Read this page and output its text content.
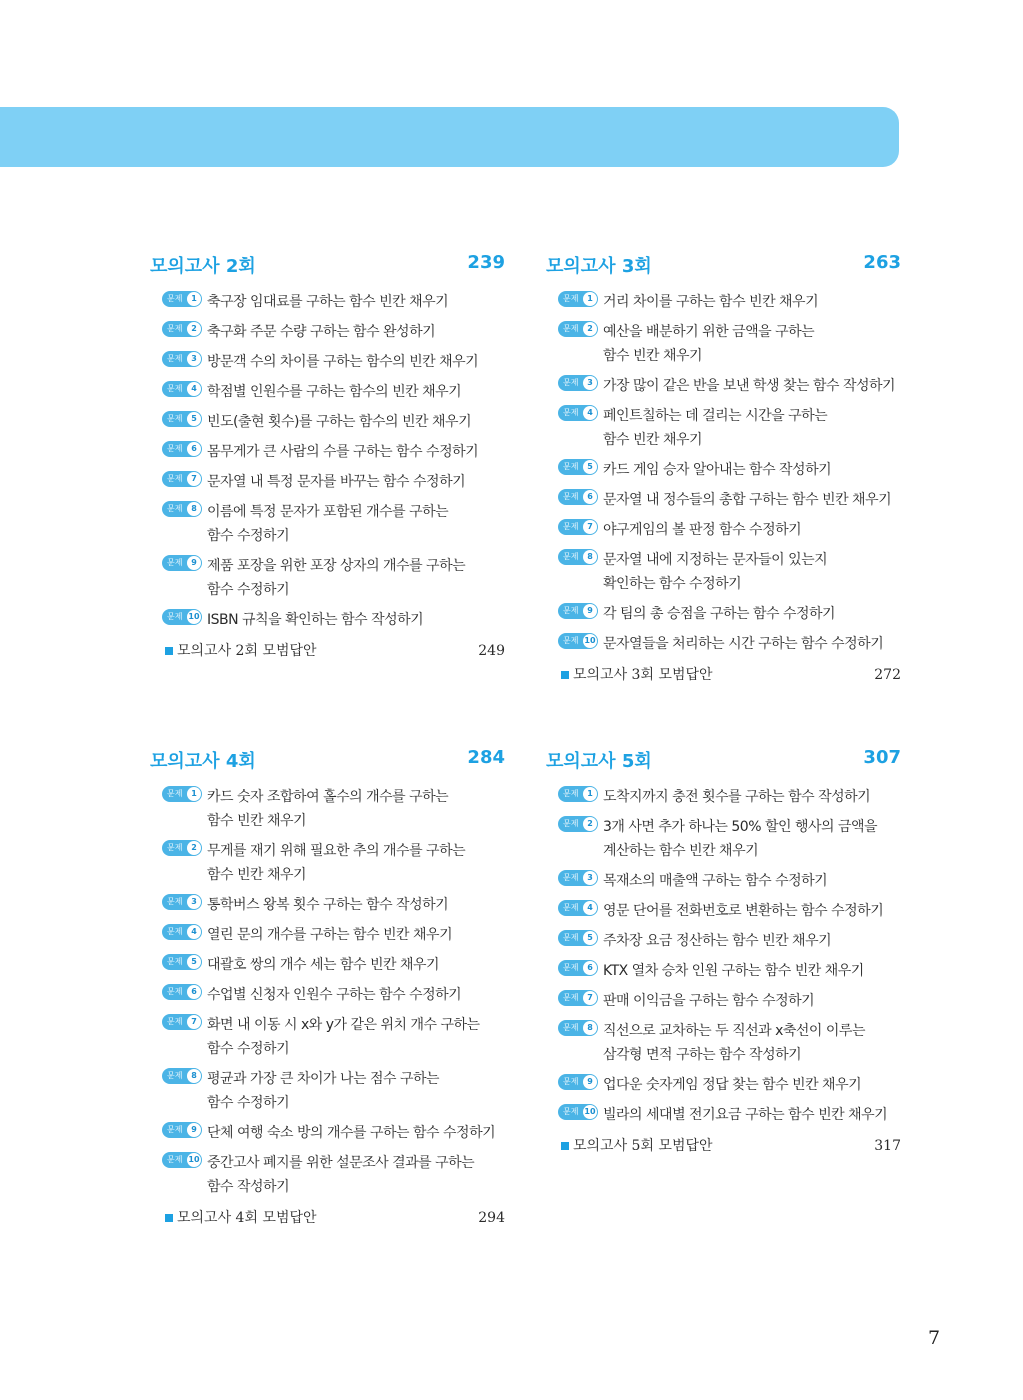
모의고사 2회	239
문제	1 축구장 임대료를 구하는 함수 빈칸 채우기
문제	2 축구화 주문 수량 구하는 함수 완성하기
문제	3 방문객 수의 차이를 구하는 함수의 빈칸 채우기
문제	4 학점별 인원수를 구하는 함수의 빈칸 채우기
문제	5 빈도(출현 횟수)를 구하는 함수의 빈칸 채우기
문제	6 몸무게가 큰 사람의 수를 구하는 함수 수정하기
문제	7 문자열 내 특정 문자를 바꾸는 함수 수정하기
문제	8 이름에 특정 문자가 포함된 개수를 구하는
함수 수정하기
문제	9 제품 포장을 위한 포장 상자의 개수를 구하는
함수 수정하기
문제 10 ISBN 규칙을 확인하는 함수 작성하기
모의고사 2회 모범답안	249
모의고사 3회	263
문제	1 거리 차이를 구하는 함수 빈칸 채우기
문제	2 예산을 배분하기 위한 금액을 구하는
함수 빈칸 채우기
문제	3 가장 많이 같은 반을 보낸 학생 찾는 함수 작성하기
문제	4 페인트칠하는 데 걸리는 시간을 구하는
함수 빈칸 채우기
문제	5 카드 게임 승자 알아내는 함수 작성하기
문제	6 문자열 내 정수들의 총합 구하는 함수 빈칸 채우기
문제	7 야구게임의 볼 판정 함수 수정하기
문제	8 문자열 내에 지정하는 문자들이 있는지
확인하는 함수 수정하기
문제	9 각 팀의 총 승점을 구하는 함수 수정하기
문제 10 문자열들을 처리하는 시간 구하는 함수 수정하기
모의고사 3회 모범답안	272
모의고사 4회	284
문제	1 카드 숫자 조합하여 홀수의 개수를 구하는
함수 빈칸 채우기
문제	2 무게를 재기 위해 필요한 추의 개수를 구하는
함수 빈칸 채우기
문제	3 통학버스 왕복 횟수 구하는 함수 작성하기
문제	4 열린 문의 개수를 구하는 함수 빈칸 채우기
문제	5 대괄호 쌍의 개수 세는 함수 빈칸 채우기
문제	6 수업별 신청자 인원수 구하는 함수 수정하기
문제	7 화면 내 이동 시 x와 y가 같은 위치 개수 구하는
함수 수정하기
문제	8 평균과 가장 큰 차이가 나는 점수 구하는
함수 수정하기
문제	9 단체 여행 숙소 방의 개수를 구하는 함수 수정하기
문제 10 중간고사 폐지를 위한 설문조사 결과를 구하는
함수 작성하기
모의고사 4회 모범답안	294
모의고사 5회	307
문제	1 도착지까지 충전 횟수를 구하는 함수 작성하기
문제	2 3개 사면 추가 하나는 50% 할인 행사의 금액을
계산하는 함수 빈칸 채우기
문제	3 목재소의 매출액 구하는 함수 수정하기
문제	4 영문 단어를 전화번호로 변환하는 함수 수정하기
문제	5 주차장 요금 정산하는 함수 빈칸 채우기
문제	6 KTX 열차 승차 인원 구하는 함수 빈칸 채우기
문제	7 판매 이익금을 구하는 함수 수정하기
문제	8 직선으로 교차하는 두 직선과 x축선이 이루는
삼각형 면적 구하는 함수 작성하기
문제	9 업다운 숫자게임 정답 찾는 함수 빈칸 채우기
문제 10 빌라의 세대별 전기요금 구하는 함수 빈칸 채우기
모의고사 5회 모범답안	317
7
